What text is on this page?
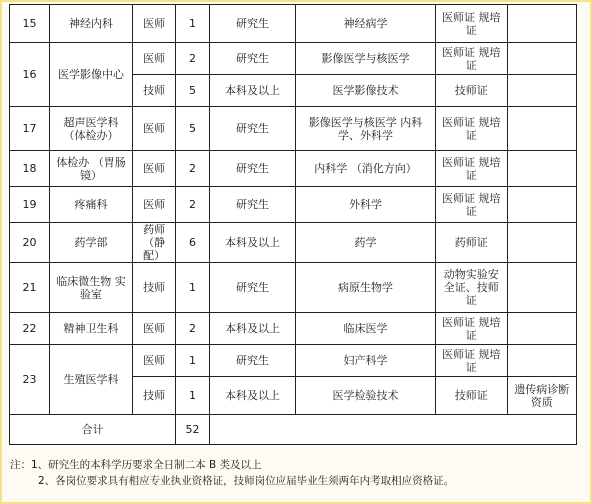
15	神经内科	医师	1	研究生	神经病学	医师证 规培证	
16	医学影像中心	医师	2	研究生	影像医学与核医学	医师证 规培证	
		技师	5	本科及以上	医学影像技术	技师证	
17	超声医学科 （体检办）	医师	5	研究生	影像医学与核医学 内科学、外科学	医师证 规培证	
18	体检办 （胃肠镜）	医师	2	研究生	内科学 （消化方向）	医师证 规培证	
19	疼痛科	医师	2	研究生	外科学	医师证 规培证	
20	药学部	药师 （静配）	6	本科及以上	药学	药师证	
21	临床微生物 实验室	技师	1	研究生	病原生物学	动物实验安 全证、技师 证	
22	精神卫生科	医师	2	本科及以上	临床医学	医师证 规培证	
23	生殖医学科	医师	1	研究生	妇产科学	医师证 规培证	
		技师	1	本科及以上	医学检验技术	技师证	遗传病诊断 资质
合计			52				
注：1、研究生的本科学历要求全日制二本 B 类及以上
2、各岗位要求具有相应专业执业资格证，技师岗位应届毕业生须两年内考取相应资格证。
